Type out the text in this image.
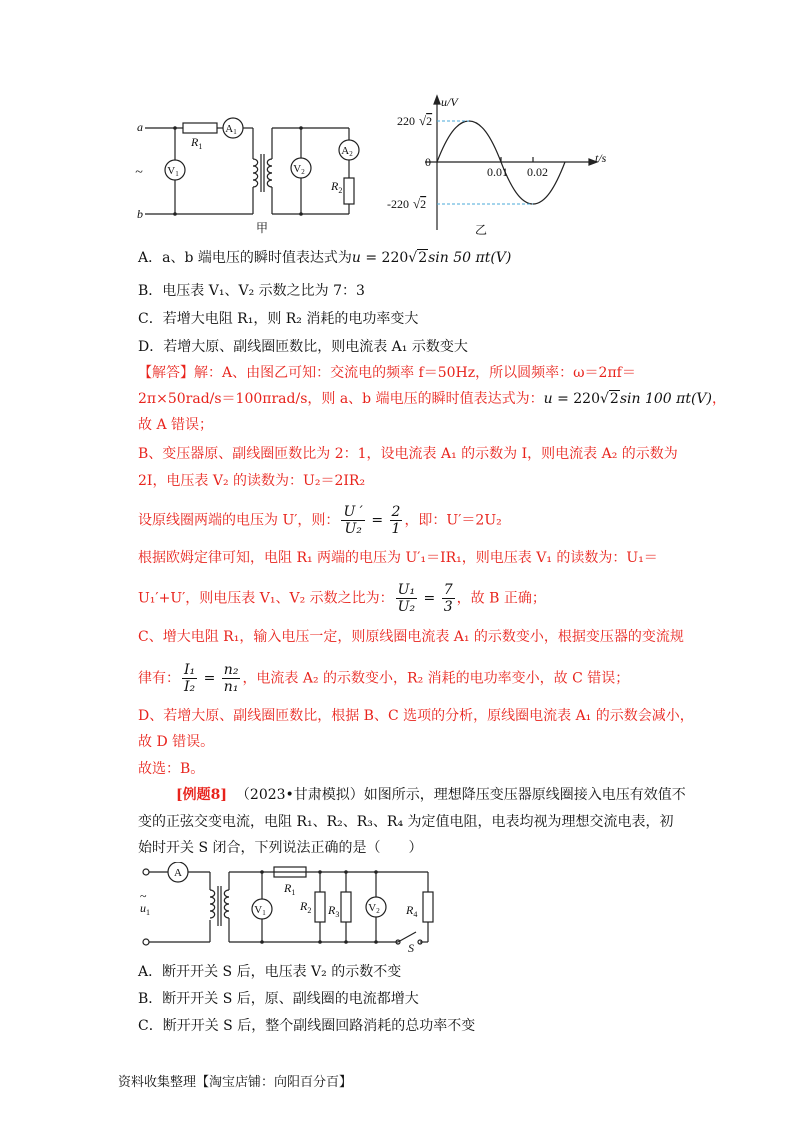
a
b
$R_1$
$R_2$
~
A1
V1	V2
A2
甲
u/V
t/s
220 √2
-220 √2
0
0.01 0.02
乙
A．a、b 端电压的瞬时值表达式为u = 220√2sin 50 πt(V)
B．电压表 V₁、V₂ 示数之比为 7：3
C．若增大电阻 R₁，则 R₂ 消耗的电功率变大
D．若增大原、副线圈匝数比，则电流表 A₁ 示数变大
【解答】解：A、由图乙可知：交流电的频率 f＝50Hz，所以圆频率：ω＝2πf＝
2π×50rad/s＝100πrad/s，则 a、b 端电压的瞬时值表达式为：u = 220√2sin 100 πt(V)，
故 A 错误；
B、变压器原、副线圈匝数比为 2：1，设电流表 A₁ 的示数为 I，则电流表 A₂ 的示数为
2I，电压表 V₂ 的读数为：U₂＝2IR₂
设原线圈两端的电压为 U′，则： $\frac{U '}{\text{U₂}} = \frac{2}{1}$ ，即：U′＝2U₂
根据欧姆定律可知，电阻 R₁ 两端的电压为 U′₁＝IR₁，则电压表 V₁ 的读数为：U₁＝
U₁′+U′，则电压表 V₁、V₂ 示数之比为： $\frac{\text{U₁}}{\text{U₂}} = \frac{7}{3}$ ，故 B 正确；
C、增大电阻 R₁，输入电压一定，则原线圈电流表 A₁ 的示数变小，根据变压器的变流规
律有： $\frac{\text{I₁}}{\text{I₂}} = \frac{\text{n₂}}{\text{n₁}}$ ，电流表 A₂ 的示数变小，R₂ 消耗的电功率变小，故 C 错误；
D、若增大原、副线圈匝数比，根据 B、C 选项的分析，原线圈电流表 A₁ 的示数会减小，
故 D 错误。
故选：B。
[例题8] （2023•甘肃模拟）如图所示，理想降压变压器原线圈接入电压有效值不
变的正弦交变电流，电阻 R₁、R₂、R₃、R₄ 为定值电阻，电表均视为理想交流电表，初
始时开关 S 闭合，下列说法正确的是（　　）
A
V1	V2
$u_1$
$R_1$
$R_2$ $R_3$	$R_4$
S
~
A．断开开关 S 后，电压表 V₂ 的示数不变
B．断开开关 S 后，原、副线圈的电流都增大
C．断开开关 S 后，整个副线圈回路消耗的总功率不变
资料收集整理【淘宝店铺：向阳百分百】
